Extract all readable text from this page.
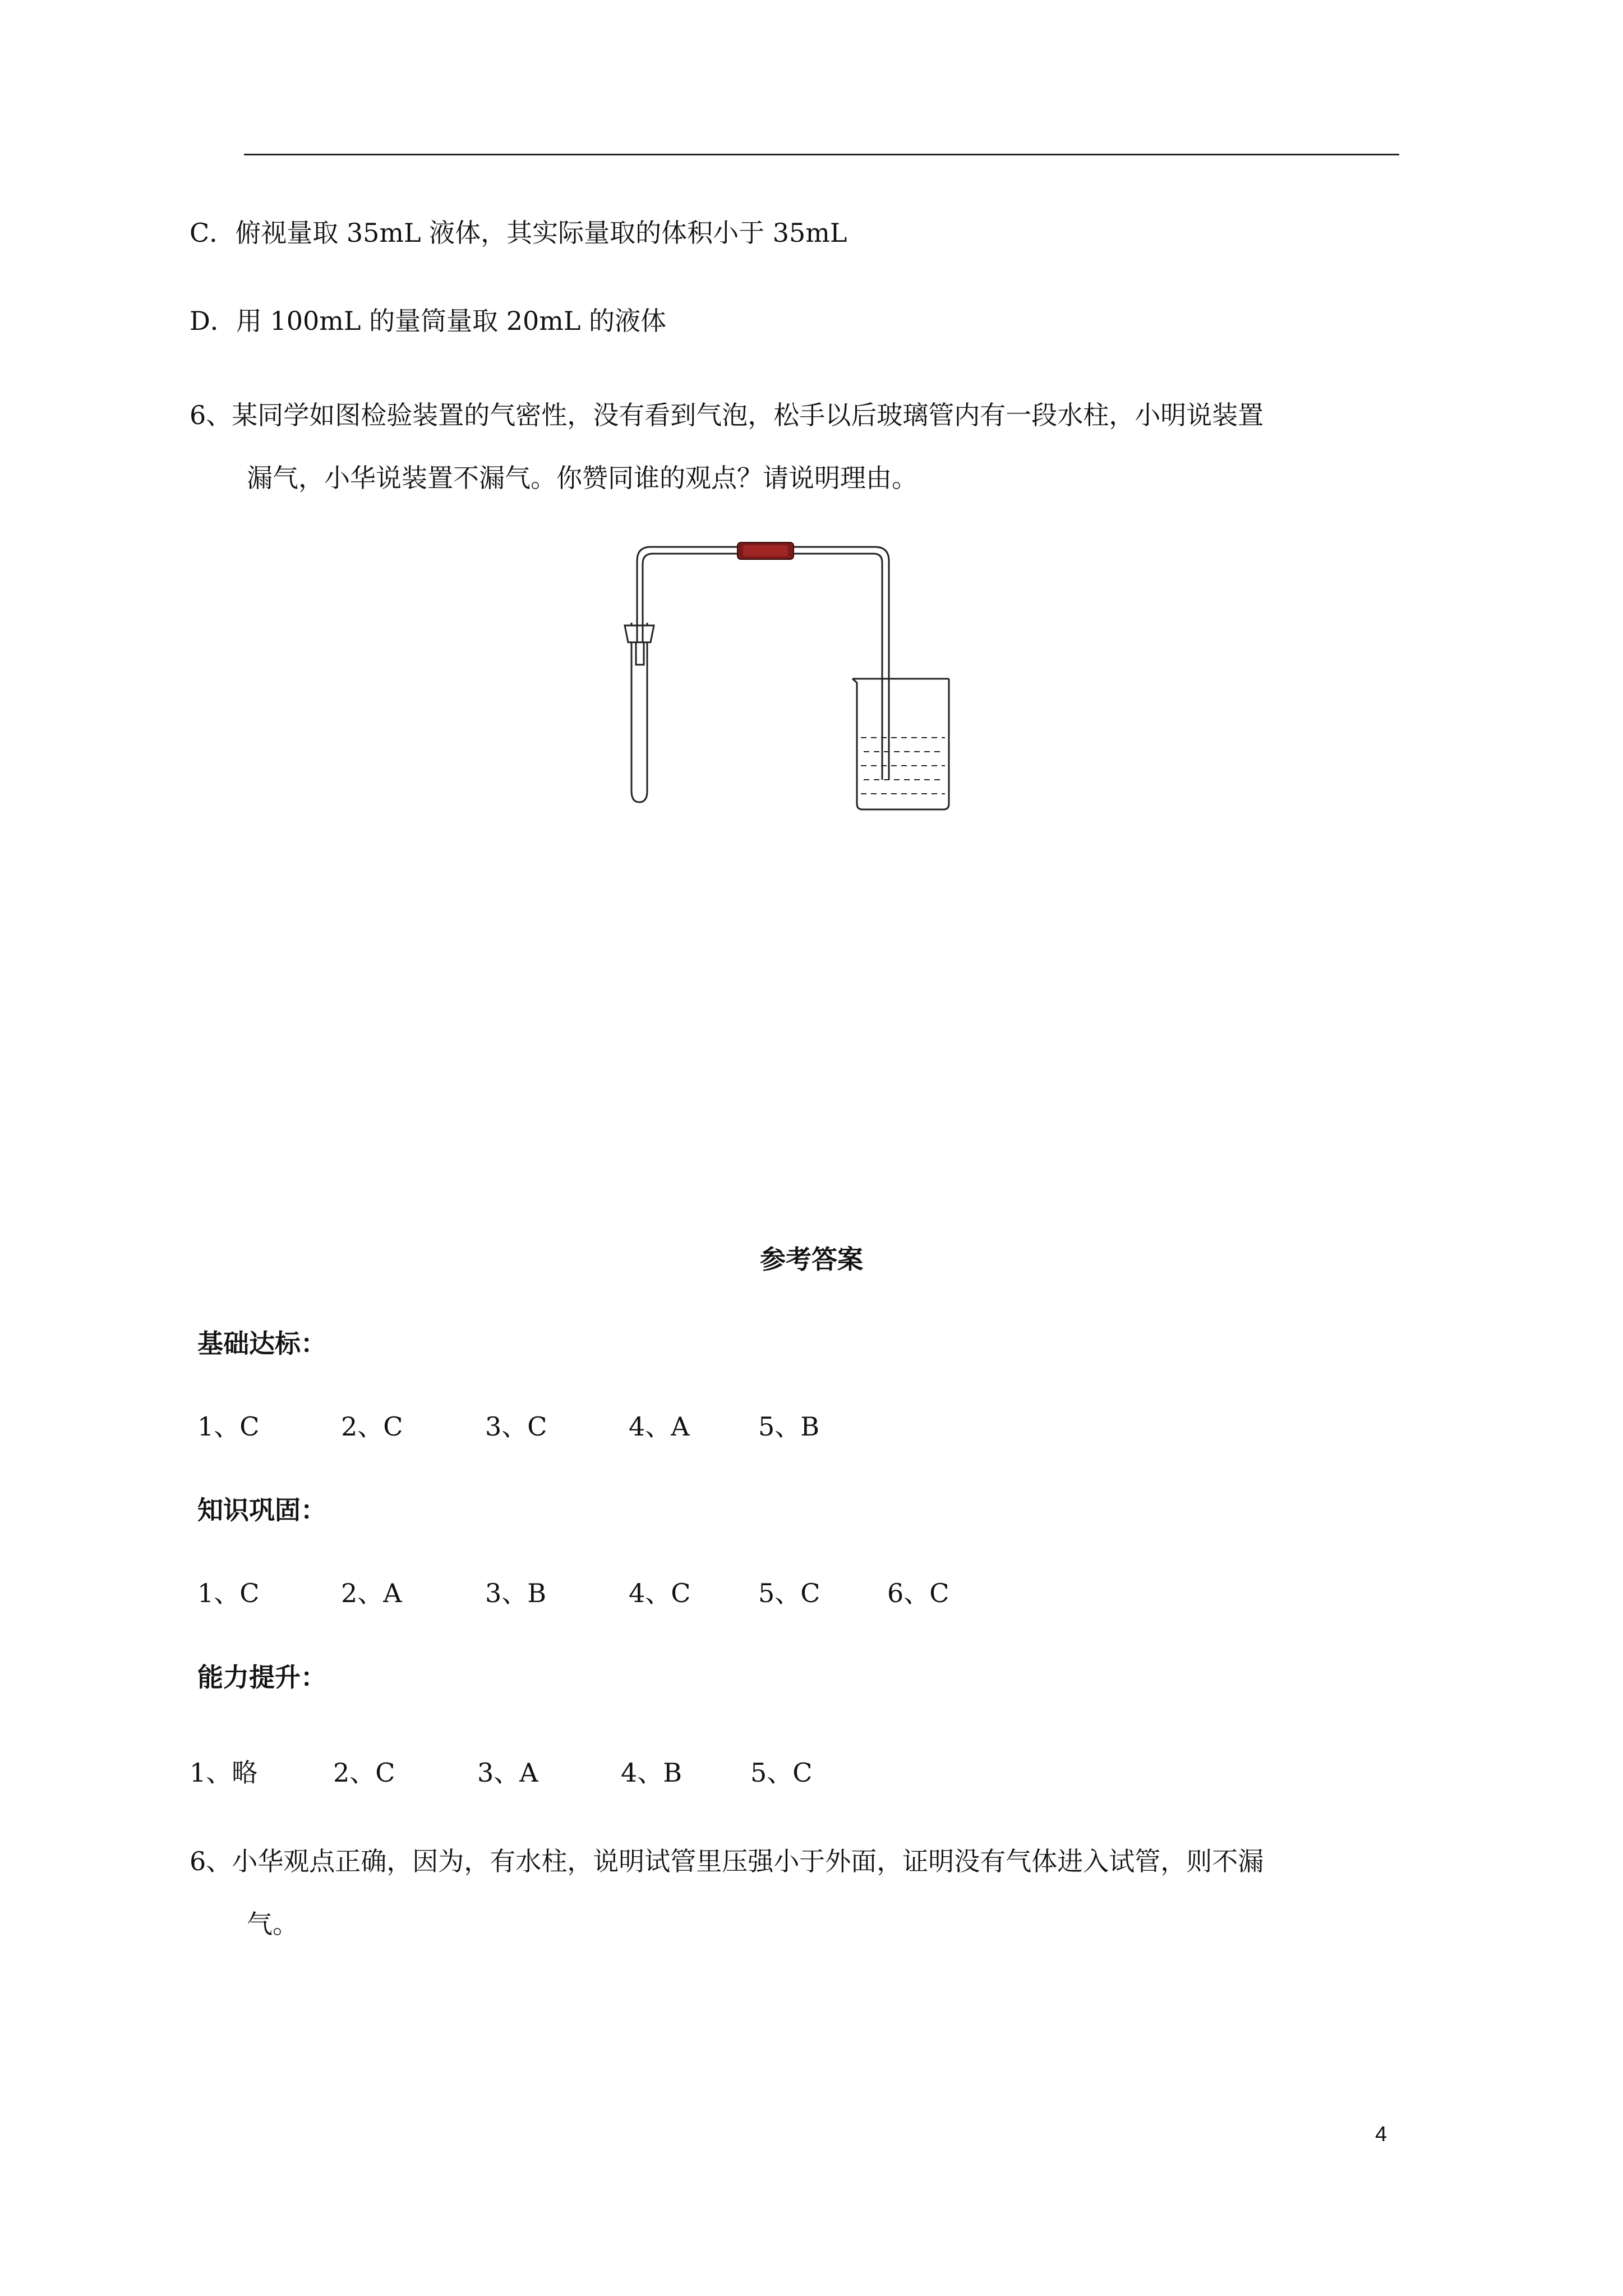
C．俯视量取 35mL 液体，其实际量取的体积小于 35mL
D．用 100mL 的量筒量取 20mL 的液体
6、某同学如图检验装置的气密性，没有看到气泡，松手以后玻璃管内有一段水柱，小明说装置
漏气，小华说装置不漏气。你赞同谁的观点？请说明理由。
参考答案
基础达标：
1、C	2、C	3、C	4、A	5、B
知识巩固：
1、C	2、A	3、B	4、C	5、C	6、C
能力提升：
1、略	2、C	3、A	4、B	5、C
6、小华观点正确，因为，有水柱，说明试管里压强小于外面，证明没有气体进入试管，则不漏
气。
4
